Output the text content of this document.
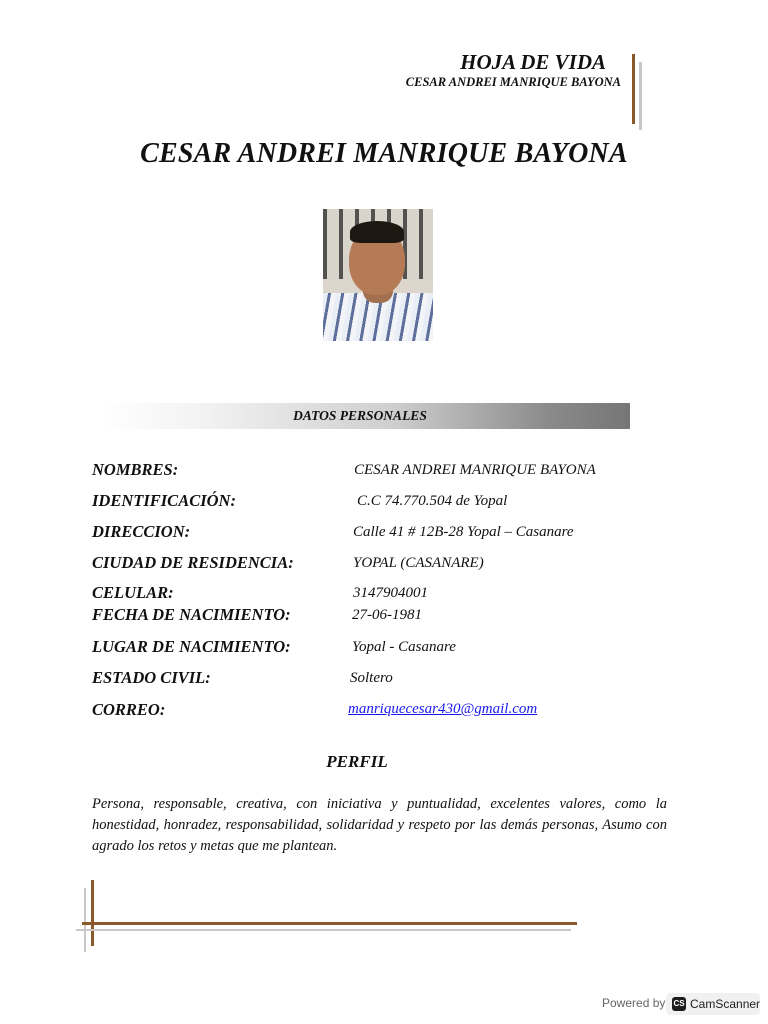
HOJA DE VIDA
CESAR ANDREI MANRIQUE BAYONA
CESAR ANDREI MANRIQUE BAYONA
DATOS PERSONALES
NOMBRES:	CESAR ANDREI MANRIQUE BAYONA
IDENTIFICACIÓN:	C.C 74.770.504 de Yopal
DIRECCION:	Calle 41 # 12B-28 Yopal – Casanare
CIUDAD DE RESIDENCIA:	YOPAL (CASANARE)
CELULAR:	3147904001
FECHA DE NACIMIENTO:	27-06-1981
LUGAR DE NACIMIENTO:	Yopal - Casanare
ESTADO CIVIL:	Soltero
CORREO:	manriquecesar430@gmail.com
PERFIL
Persona, responsable, creativa, con iniciativa y puntualidad, excelentes valores, como la honestidad, honradez, responsabilidad, solidaridad y respeto por las demás personas, Asumo con agrado los retos y metas que me plantean.
Powered by CS CamScanner
